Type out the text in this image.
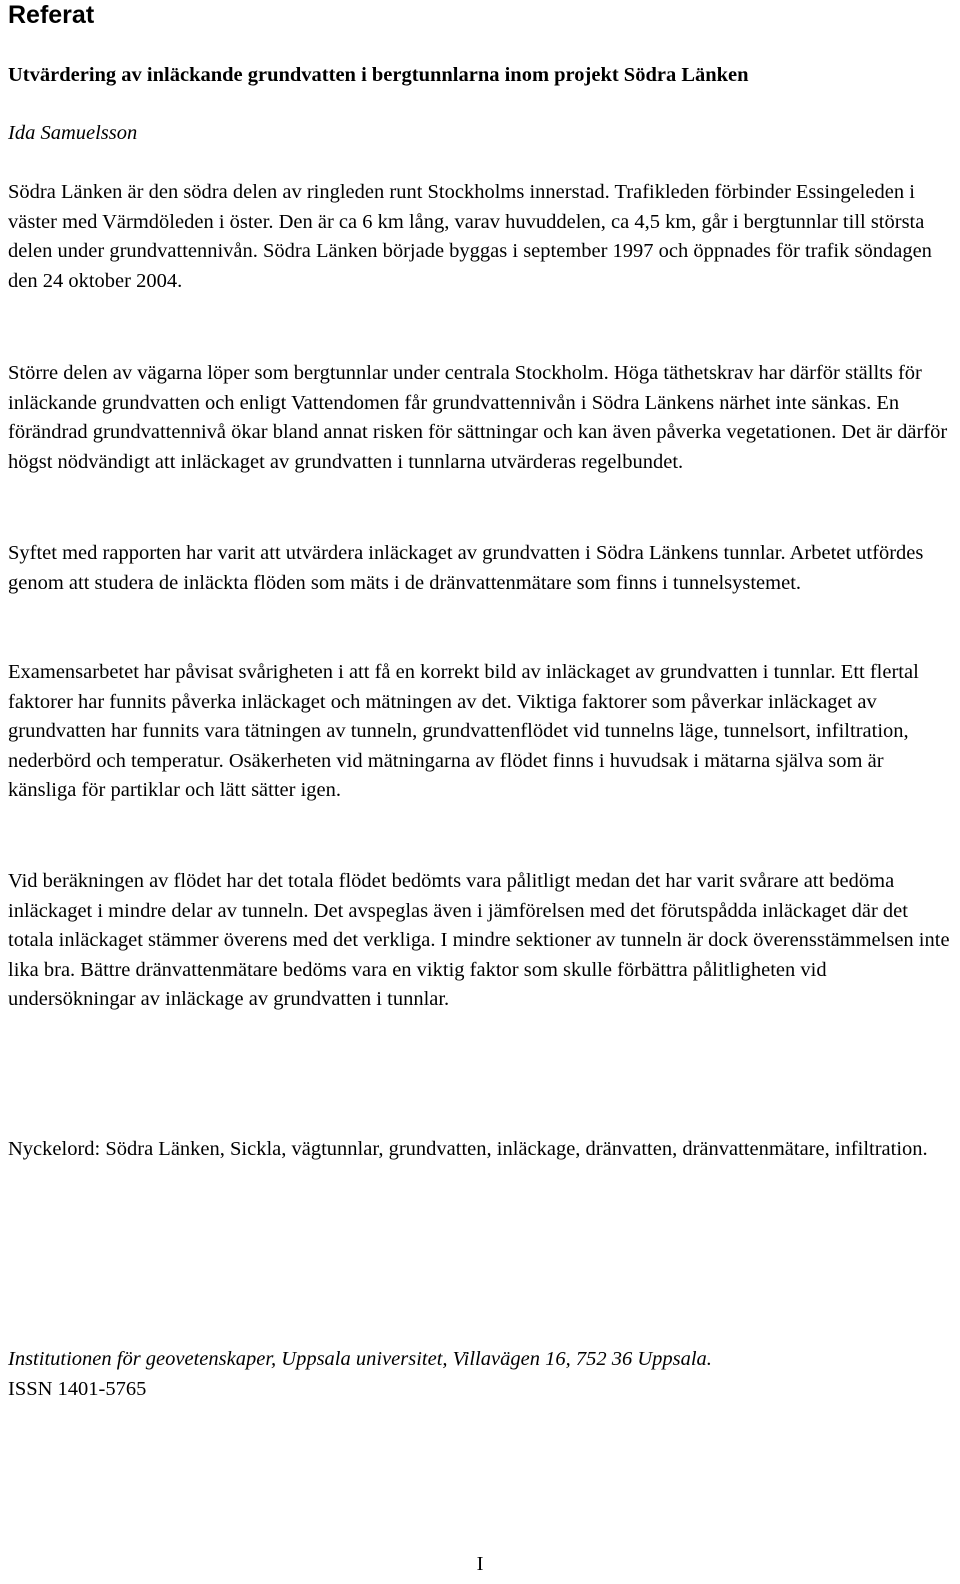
Referat

Utvärdering av inläckande grundvatten i bergtunnlarna inom projekt Södra Länken

Ida Samuelsson

Södra Länken är den södra delen av ringleden runt Stockholms innerstad. Trafikleden förbinder Essingeleden i väster med Värmdöleden i öster. Den är ca 6 km lång, varav huvuddelen, ca 4,5 km, går i bergtunnlar till största delen under grundvattennivån. Södra Länken började byggas i september 1997 och öppnades för trafik söndagen den 24 oktober 2004.

Större delen av vägarna löper som bergtunnlar under centrala Stockholm. Höga täthetskrav har därför ställts för inläckande grundvatten och enligt Vattendomen får grundvattennivån i Södra Länkens närhet inte sänkas. En förändrad grundvattennivå ökar bland annat risken för sättningar och kan även påverka vegetationen. Det är därför högst nödvändigt att inläckaget av grundvatten i tunnlarna utvärderas regelbundet.

Syftet med rapporten har varit att utvärdera inläckaget av grundvatten i Södra Länkens tunnlar. Arbetet utfördes genom att studera de inläckta flöden som mäts i de dränvattenmätare som finns i tunnelsystemet.

Examensarbetet har påvisat svårigheten i att få en korrekt bild av inläckaget av grundvatten i tunnlar. Ett flertal faktorer har funnits påverka inläckaget och mätningen av det. Viktiga faktorer som påverkar inläckaget av grundvatten har funnits vara tätningen av tunneln, grundvattenflödet vid tunnelns läge, tunnelsort, infiltration, nederbörd och temperatur. Osäkerheten vid mätningarna av flödet finns i huvudsak i mätarna själva som är känsliga för partiklar och lätt sätter igen.

Vid beräkningen av flödet har det totala flödet bedömts vara pålitligt medan det har varit svårare att bedöma inläckaget i mindre delar av tunneln. Det avspeglas även i jämförelsen med det förutspådda inläckaget där det totala inläckaget stämmer överens med det verkliga. I mindre sektioner av tunneln är dock överensstämmelsen inte lika bra. Bättre dränvattenmätare bedöms vara en viktig faktor som skulle förbättra pålitligheten vid undersökningar av inläckage av grundvatten i tunnlar.

Nyckelord: Södra Länken, Sickla, vägtunnlar, grundvatten, inläckage, dränvatten, dränvattenmätare, infiltration.

Institutionen för geovetenskaper, Uppsala universitet, Villavägen 16, 752 36 Uppsala.
ISSN 1401-5765
I
